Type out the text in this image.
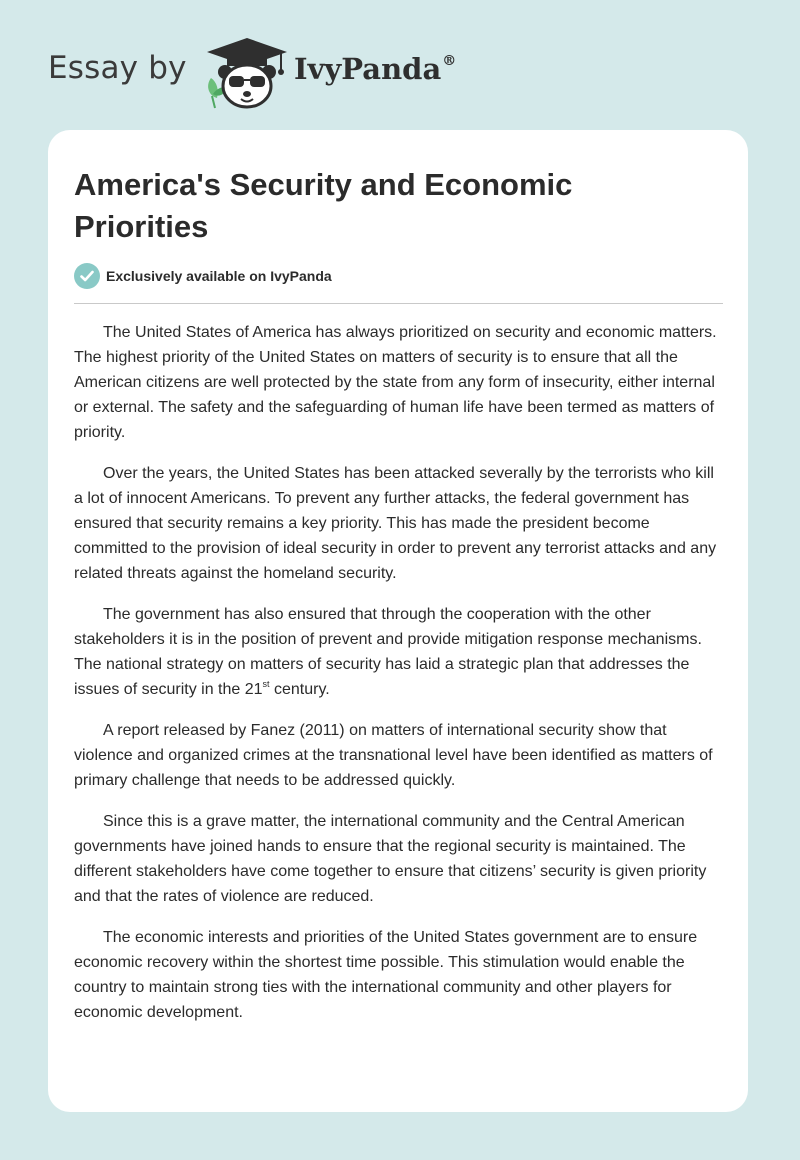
Essay by	IvyPanda®
America's Security and Economic Priorities
Exclusively available on IvyPanda

The United States of America has always prioritized on security and economic matters. The highest priority of the United States on matters of security is to ensure that all the American citizens are well protected by the state from any form of insecurity, either internal or external. The safety and the safeguarding of human life have been termed as matters of priority.

Over the years, the United States has been attacked severally by the terrorists who kill a lot of innocent Americans. To prevent any further attacks, the federal government has ensured that security remains a key priority. This has made the president become committed to the provision of ideal security in order to prevent any terrorist attacks and any related threats against the homeland security.

The government has also ensured that through the cooperation with the other stakeholders it is in the position of prevent and provide mitigation response mechanisms. The national strategy on matters of security has laid a strategic plan that addresses the issues of security in the 21st century.

A report released by Fanez (2011) on matters of international security show that violence and organized crimes at the transnational level have been identified as matters of primary challenge that needs to be addressed quickly.

Since this is a grave matter, the international community and the Central American governments have joined hands to ensure that the regional security is maintained. The different stakeholders have come together to ensure that citizens’ security is given priority and that the rates of violence are reduced.

The economic interests and priorities of the United States government are to ensure economic recovery within the shortest time possible. This stimulation would enable the country to maintain strong ties with the international community and other players for economic development.
